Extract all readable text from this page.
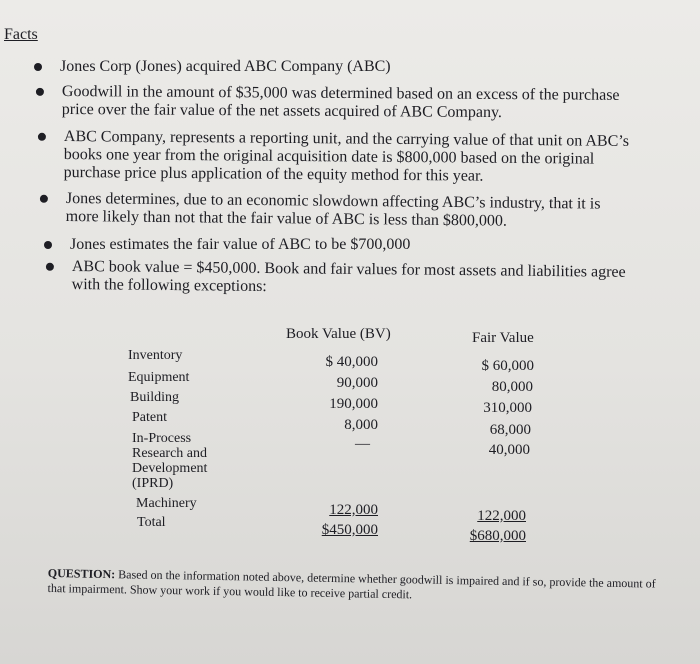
Facts
Jones Corp (Jones) acquired ABC Company (ABC)
Goodwill in the amount of $35,000 was determined based on an excess of the purchase
price over the fair value of the net assets acquired of ABC Company.
ABC Company, represents a reporting unit, and the carrying value of that unit on ABC’s
books one year from the original acquisition date is $800,000 based on the original
purchase price plus application of the equity method for this year.
Jones determines, due to an economic slowdown affecting ABC’s industry, that it is
more likely than not that the fair value of ABC is less than $800,000.
Jones estimates the fair value of ABC to be $700,000
ABC book value = $450,000. Book and fair values for most assets and liabilities agree
with the following exceptions:
Book Value (BV)	Fair Value
Inventory
Equipment
Building
Patent
In-Process
Research and
Development
(IPRD)
Machinery
Total
$ 40,000
90,000
190,000
8,000
—
122,000
$450,000
$ 60,000
80,000
310,000
68,000
40,000
122,000
$680,000
QUESTION: Based on the information noted above, determine whether goodwill is impaired and if so, provide the amount of that impairment. Show your work if you would like to receive partial credit.
